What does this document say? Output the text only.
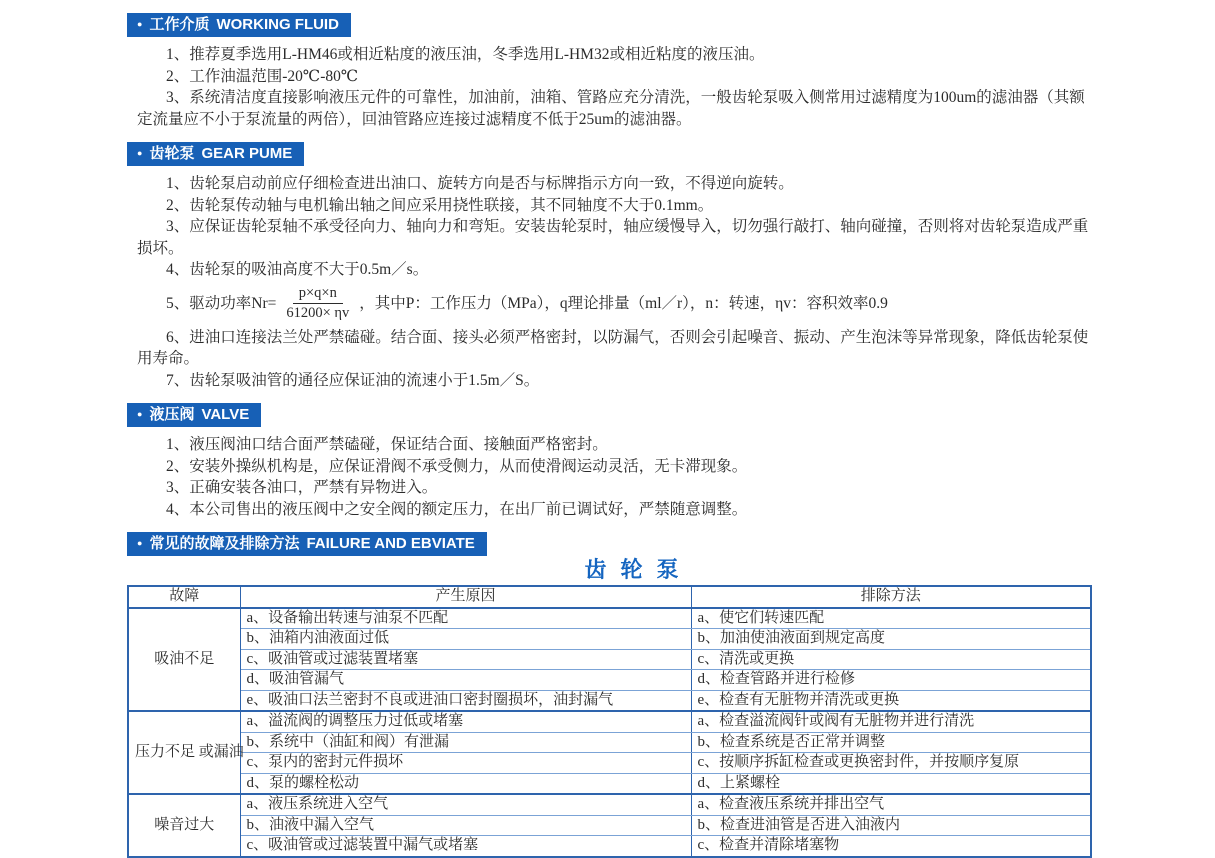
● 工作介质 WORKING FLUID

1、推荐夏季选用L-HM46或相近粘度的液压油，冬季选用L-HM32或相近粘度的液压油。

2、工作油温范围-20℃-80℃

3、系统清洁度直接影响液压元件的可靠性，加油前，油箱、管路应充分清洗，一般齿轮泵吸入侧常用过滤精度为100um的滤油器（其额定流量应不小于泵流量的两倍），回油管路应连接过滤精度不低于25um的滤油器。

● 齿轮泵 GEAR PUME

1、齿轮泵启动前应仔细检查进出油口、旋转方向是否与标牌指示方向一致，不得逆向旋转。

2、齿轮泵传动轴与电机输出轴之间应采用挠性联接，其不同轴度不大于0.1mm。

3、应保证齿轮泵轴不承受径向力、轴向力和弯矩。安装齿轮泵时，轴应缓慢导入，切勿强行敲打、轴向碰撞，否则将对齿轮泵造成严重损坏。

4、齿轮泵的吸油高度不大于0.5m／s。

5、驱动功率$Nr= \frac{p\times q\times n}{61200\times \eta v}$ ，其中P：工作压力（MPa），q理论排量（ml／r），n：转速，ηv：容积效率0.9

6、进油口连接法兰处严禁磕碰。结合面、接头必须严格密封，以防漏气，否则会引起噪音、振动、产生泡沫等异常现象，降低齿轮泵使用寿命。

7、齿轮泵吸油管的通径应保证油的流速小于1.5m／S。

● 液压阀 VALVE

1、液压阀油口结合面严禁磕碰，保证结合面、接触面严格密封。

2、安装外操纵机构是，应保证滑阀不承受侧力，从而使滑阀运动灵活，无卡滞现象。

3、正确安装各油口，严禁有异物进入。

4、本公司售出的液压阀中之安全阀的额定压力，在出厂前已调试好，严禁随意调整。

● 常见的故障及排除方法 FAILURE AND EBVIATE
齿轮泵
故障	产生原因	排除方法
吸油不足	a、设备输出转速与油泵不匹配	a、使它们转速匹配
	b、油箱内油液面过低	b、加油使油液面到规定高度
	c、吸油管或过滤装置堵塞	c、清洗或更换
	d、吸油管漏气	d、检查管路并进行检修
	e、吸油口法兰密封不良或进油口密封圈损坏，油封漏气	e、检查有无脏物并清洗或更换
压力不足 或漏油	a、溢流阀的调整压力过低或堵塞	a、检查溢流阀针或阀有无脏物并进行清洗
	b、系统中（油缸和阀）有泄漏	b、检查系统是否正常并调整
	c、泵内的密封元件损坏	c、按顺序拆缸检查或更换密封件，并按顺序复原
	d、泵的螺栓松动	d、上紧螺栓
噪音过大	a、液压系统进入空气	a、检查液压系统并排出空气
	b、油液中漏入空气	b、检查进油管是否进入油液内
	c、吸油管或过滤装置中漏气或堵塞	c、检查并清除堵塞物
